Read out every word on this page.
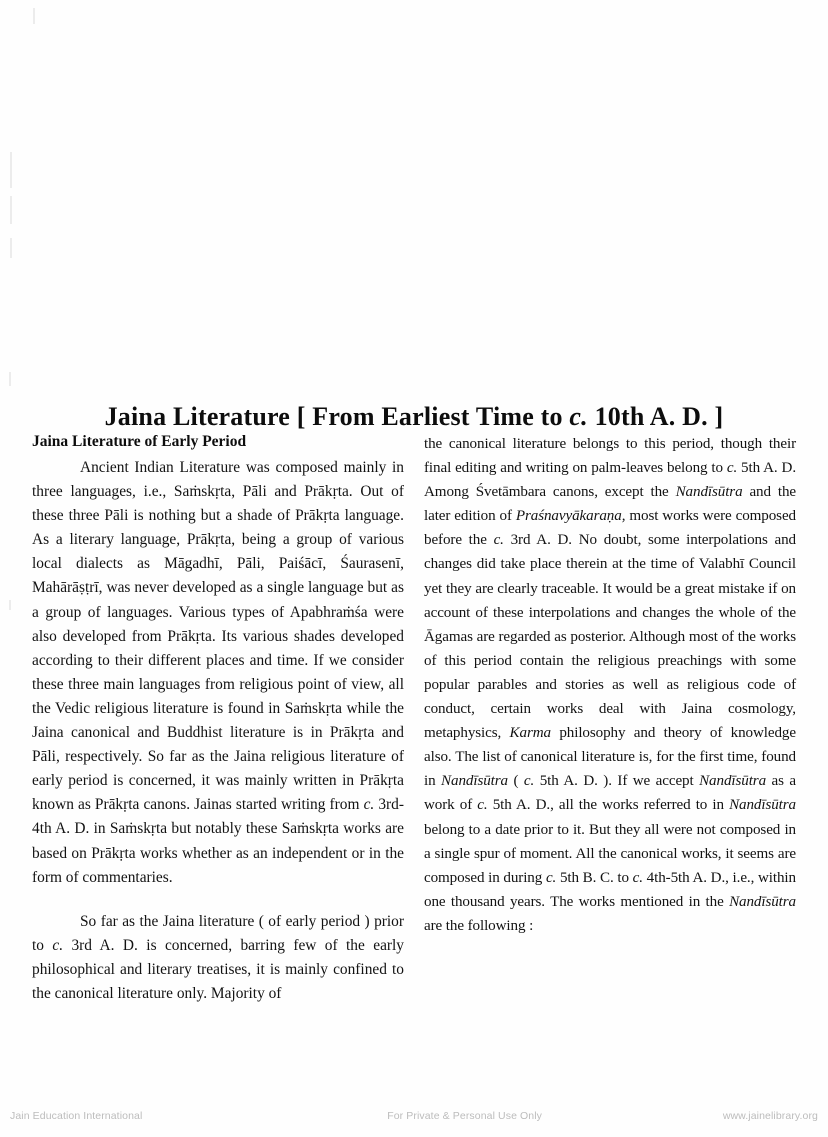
Jaina Literature [ From Earliest Time to c. 10th A. D. ]
Jaina Literature of Early Period

Ancient Indian Literature was composed mainly in three languages, i.e., Saṁskṛta, Pāli and Prākṛta. Out of these three Pāli is nothing but a shade of Prākṛta language. As a literary language, Prākṛta, being a group of various local dialects as Māgadhī, Pāli, Paiśācī, Śaurasenī, Mahārāṣṭrī, was never developed as a single language but as a group of languages. Various types of Apabhraṁśa were also developed from Prākṛta. Its various shades developed according to their different places and time. If we consider these three main languages from religious point of view, all the Vedic religious literature is found in Saṁskṛta while the Jaina canonical and Buddhist literature is in Prākṛta and Pāli, respectively. So far as the Jaina religious literature of early period is concerned, it was mainly written in Prākṛta known as Prākṛta canons. Jainas started writing from c. 3rd-4th A. D. in Saṁskṛta but notably these Saṁskṛta works are based on Prākṛta works whether as an independent or in the form of commentaries.

So far as the Jaina literature ( of early period ) prior to c. 3rd A. D. is concerned, barring few of the early philosophical and literary treatises, it is mainly confined to the canonical literature only. Majority of

the canonical literature belongs to this period, though their final editing and writing on palm-leaves belong to c. 5th A. D. Among Śvetāmbara canons, except the Nandīsūtra and the later edition of Praśnavyākaraṇa, most works were composed before the c. 3rd A. D. No doubt, some interpolations and changes did take place therein at the time of Valabhī Council yet they are clearly traceable. It would be a great mistake if on account of these interpolations and changes the whole of the Āgamas are regarded as posterior. Although most of the works of this period contain the religious preachings with some popular parables and stories as well as religious code of conduct, certain works deal with Jaina cosmology, metaphysics, Karma philosophy and theory of knowledge also. The list of canonical literature is, for the first time, found in Nandīsūtra ( c. 5th A. D. ). If we accept Nandīsūtra as a work of c. 5th A. D., all the works referred to in Nandīsūtra belong to a date prior to it. But they all were not composed in a single spur of moment. All the canonical works, it seems are composed in during c. 5th B. C. to c. 4th-5th A. D., i.e., within one thousand years. The works mentioned in the Nandīsūtra are the following :

Jain Education International	For Private & Personal Use Only	www.jainelibrary.org
